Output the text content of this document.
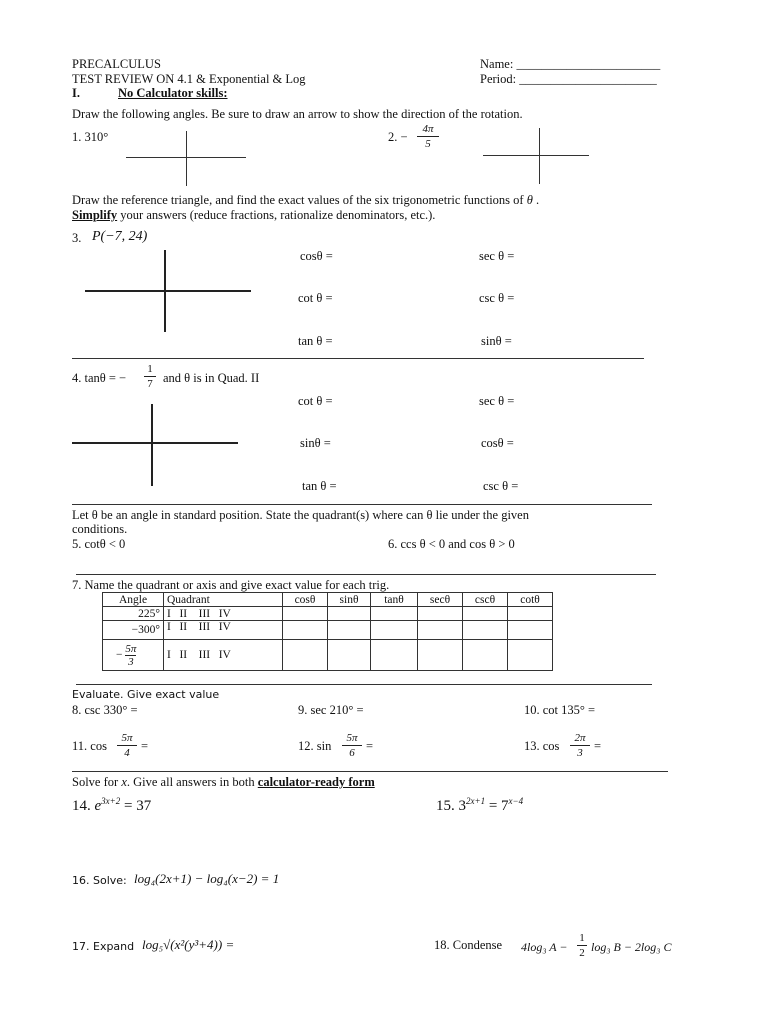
PRECALCULUS
TEST REVIEW ON 4.1 & Exponential & Log
Name: _______________________
Period: ______________________
I.	No Calculator skills:
Draw the following angles. Be sure to draw an arrow to show the direction of the rotation.
1. 310°	2. −
4π
5
Draw the reference triangle, and find the exact values of the six trigonometric functions of θ .
Simplify your answers (reduce fractions, rationalize denominators, etc.).
3. P(−7, 24)
cosθ =	sec θ =
cot θ =	csc θ =
tan θ =	sinθ =
4. tanθ = −
1
7 and θ is in Quad. II
cot θ =	sec θ =
sinθ =	cosθ =
tan θ =	csc θ =
Let θ be an angle in standard position. State the quadrant(s) where can θ lie under the given
conditions.
5. cotθ < 0	6. ccs θ < 0 and cos θ > 0
7. Name the quadrant or axis and give exact value for each trig.
Angle	Quadrant	cosθ	sinθ	tanθ	secθ	cscθ	cotθ
225°	I   II    III   IV						
−300°	I   II    III   IV						
− $\frac{5\pi}{3}$	I   II    III   IV						
Evaluate. Give exact value
8. csc 330° =	9. sec 210° =	10. cot 135° =
11. cos
5π
4 =	12. sin
5π
6 =	13. cos
2π
3 =
Solve for x. Give all answers in both calculator-ready form
14. $e^{3x+2} = 37$	15. $3^{2x+1} = 7^{x-4}$
16. Solve: log₄(2x+1) − log₄(x−2) = 1
17. Expand log₅√(x²(y³+4)) =	18. Condense 4log₃ A −
1
2 log₃ B − 2log₃ C
